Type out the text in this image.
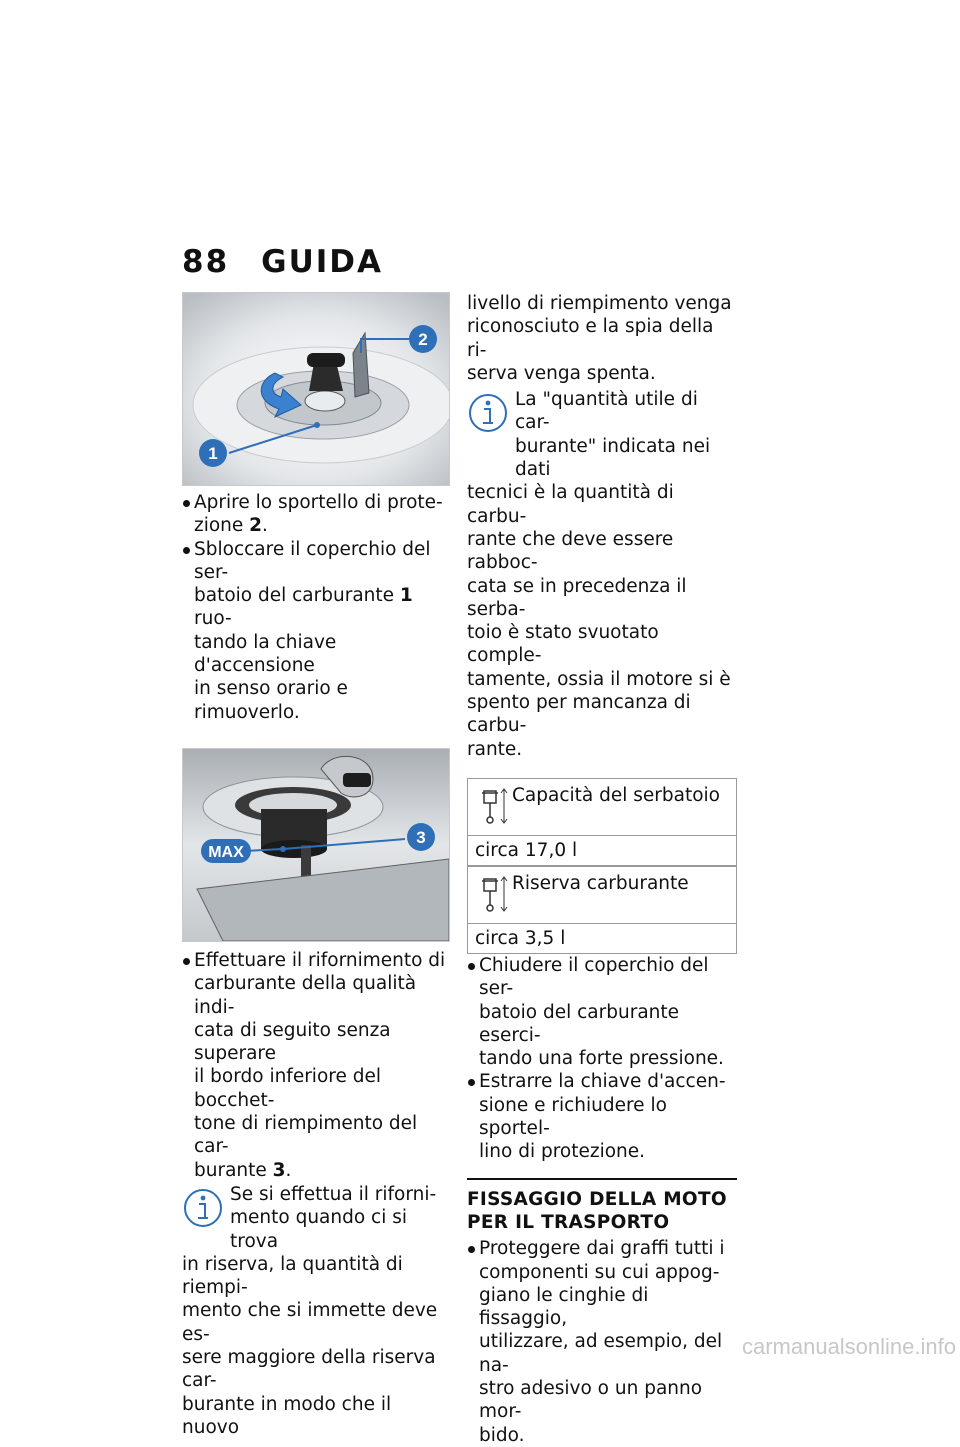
88 GUIDA
1
2
Aprire lo sportello di prote-
zione 2.
Sbloccare il coperchio del ser-
batoio del carburante 1 ruo-
tando la chiave d'accensione
in senso orario e rimuoverlo.
MAX
3
Effettuare il rifornimento di
carburante della qualità indi-
cata di seguito senza superare
il bordo inferiore del bocchet-
tone di riempimento del car-
burante 3.
Se si effettua il riforni-
mento quando ci si trova

in riserva, la quantità di riempi-
mento che si immette deve es-
sere maggiore della riserva car-
burante in modo che il nuovo

livello di riempimento venga
riconosciuto e la spia della ri-
serva venga spenta.

La "quantità utile di car-
burante" indicata nei dati

tecnici è la quantità di carbu-
rante che deve essere rabboc-
cata se in precedenza il serba-
toio è stato svuotato comple-
tamente, ossia il motore si è
spento per mancanza di carbu-
rante.

Capacità del serbatoio
circa 17,0 l
Riserva carburante
circa 3,5 l
Chiudere il coperchio del ser-
batoio del carburante eserci-
tando una forte pressione.
Estrarre la chiave d'accen-
sione e richiudere lo sportel-
lino di protezione.
FISSAGGIO DELLA MOTO
PER IL TRASPORTO
Proteggere dai graffi tutti i
componenti su cui appog-
giano le cinghie di fissaggio,
utilizzare, ad esempio, del na-
stro adesivo o un panno mor-
bido.
carmanualsonline.info
